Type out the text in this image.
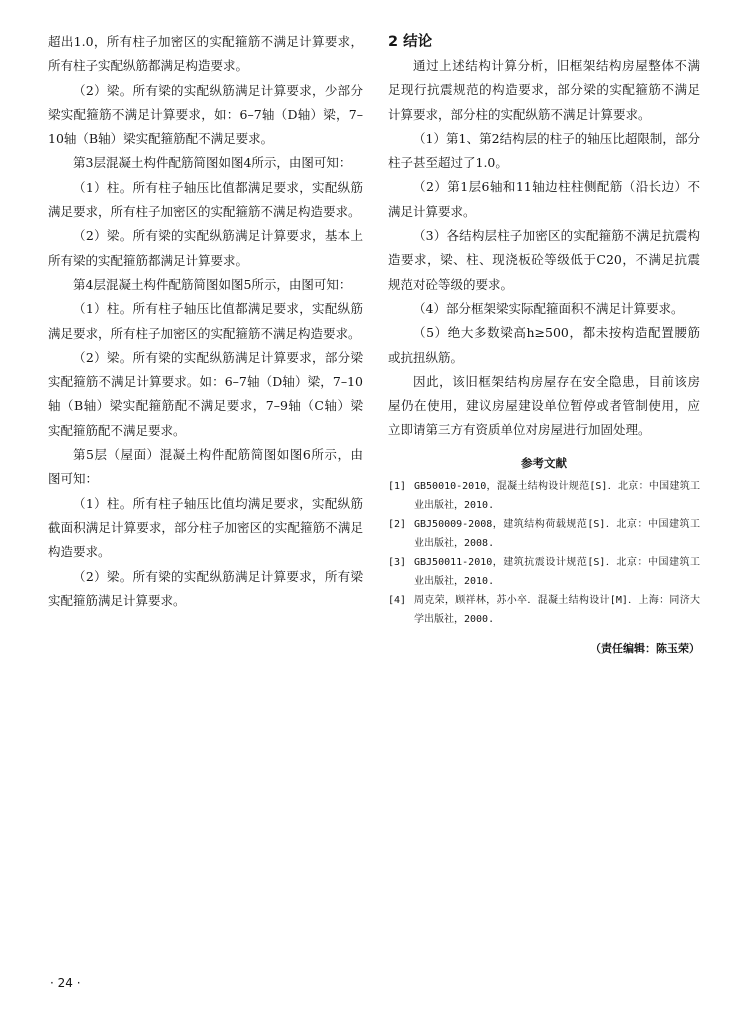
超出1.0，所有柱子加密区的实配箍筋不满足计算要求，所有柱子实配纵筋都满足构造要求。

（2）梁。所有梁的实配纵筋满足计算要求，少部分梁实配箍筋不满足计算要求，如：6–7轴（D轴）梁，7–10轴（B轴）梁实配箍筋配不满足要求。

第3层混凝土构件配筋简图如图4所示，由图可知：

（1）柱。所有柱子轴压比值都满足要求，实配纵筋满足要求，所有柱子加密区的实配箍筋不满足构造要求。

（2）梁。所有梁的实配纵筋满足计算要求，基本上所有梁的实配箍筋都满足计算要求。

第4层混凝土构件配筋简图如图5所示，由图可知：

（1）柱。所有柱子轴压比值都满足要求，实配纵筋满足要求，所有柱子加密区的实配箍筋不满足构造要求。

（2）梁。所有梁的实配纵筋满足计算要求，部分梁实配箍筋不满足计算要求。如：6–7轴（D轴）梁，7–10轴（B轴）梁实配箍筋配不满足要求，7–9轴（C轴）梁实配箍筋配不满足要求。

第5层（屋面）混凝土构件配筋简图如图6所示，由图可知：

（1）柱。所有柱子轴压比值均满足要求，实配纵筋截面积满足计算要求，部分柱子加密区的实配箍筋不满足构造要求。

（2）梁。所有梁的实配纵筋满足计算要求，所有梁实配箍筋满足计算要求。

2 结论

通过上述结构计算分析，旧框架结构房屋整体不满足现行抗震规范的构造要求，部分梁的实配箍筋不满足计算要求，部分柱的实配纵筋不满足计算要求。

（1）第1、第2结构层的柱子的轴压比超限制，部分柱子甚至超过了1.0。

（2）第1层6轴和11轴边柱柱侧配筋（沿长边）不满足计算要求。

（3）各结构层柱子加密区的实配箍筋不满足抗震构造要求，梁、柱、现浇板砼等级低于C20，不满足抗震规范对砼等级的要求。

（4）部分框架梁实际配箍面积不满足计算要求。

（5）绝大多数梁高h≥500，都未按构造配置腰筋或抗扭纵筋。

因此，该旧框架结构房屋存在安全隐患，目前该房屋仍在使用，建议房屋建设单位暂停或者管制使用，应立即请第三方有资质单位对房屋进行加固处理。

参考文献
[1] GB50010-2010，混凝土结构设计规范[S]．北京：中国建筑工业出版社，2010.
[2] GBJ50009-2008，建筑结构荷载规范[S]．北京：中国建筑工业出版社，2008.
[3] GBJ50011-2010，建筑抗震设计规范[S]．北京：中国建筑工业出版社，2010.
[4] 周克荣，顾祥林，苏小卒．混凝土结构设计[M]．上海：同济大学出版社，2000.
（责任编辑：陈玉荣）
· 24 ·
